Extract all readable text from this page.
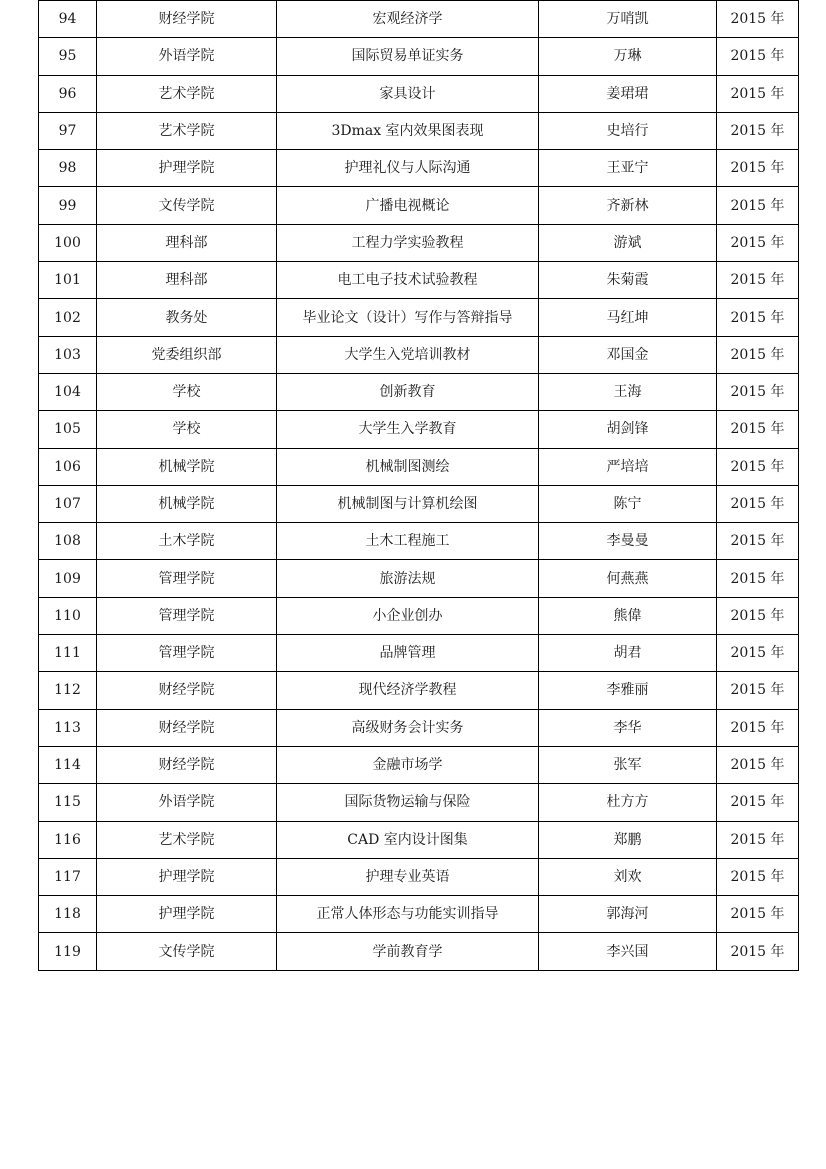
94	财经学院	宏观经济学	万哨凯	2015 年
95	外语学院	国际贸易单证实务	万琳	2015 年
96	艺术学院	家具设计	姜珺珺	2015 年
97	艺术学院	3Dmax 室内效果图表现	史培行	2015 年
98	护理学院	护理礼仪与人际沟通	王亚宁	2015 年
99	文传学院	广播电视概论	齐新林	2015 年
100	理科部	工程力学实验教程	游斌	2015 年
101	理科部	电工电子技术试验教程	朱菊霞	2015 年
102	教务处	毕业论文（设计）写作与答辩指导	马红坤	2015 年
103	党委组织部	大学生入党培训教材	邓国金	2015 年
104	学校	创新教育	王海	2015 年
105	学校	大学生入学教育	胡剑锋	2015 年
106	机械学院	机械制图测绘	严培培	2015 年
107	机械学院	机械制图与计算机绘图	陈宁	2015 年
108	土木学院	土木工程施工	李曼曼	2015 年
109	管理学院	旅游法规	何燕燕	2015 年
110	管理学院	小企业创办	熊偉	2015 年
111	管理学院	品牌管理	胡君	2015 年
112	财经学院	现代经济学教程	李雅丽	2015 年
113	财经学院	高级财务会计实务	李华	2015 年
114	财经学院	金融市场学	张军	2015 年
115	外语学院	国际货物运输与保险	杜方方	2015 年
116	艺术学院	CAD 室内设计图集	郑鹏	2015 年
117	护理学院	护理专业英语	刘欢	2015 年
118	护理学院	正常人体形态与功能实训指导	郭海河	2015 年
119	文传学院	学前教育学	李兴国	2015 年
